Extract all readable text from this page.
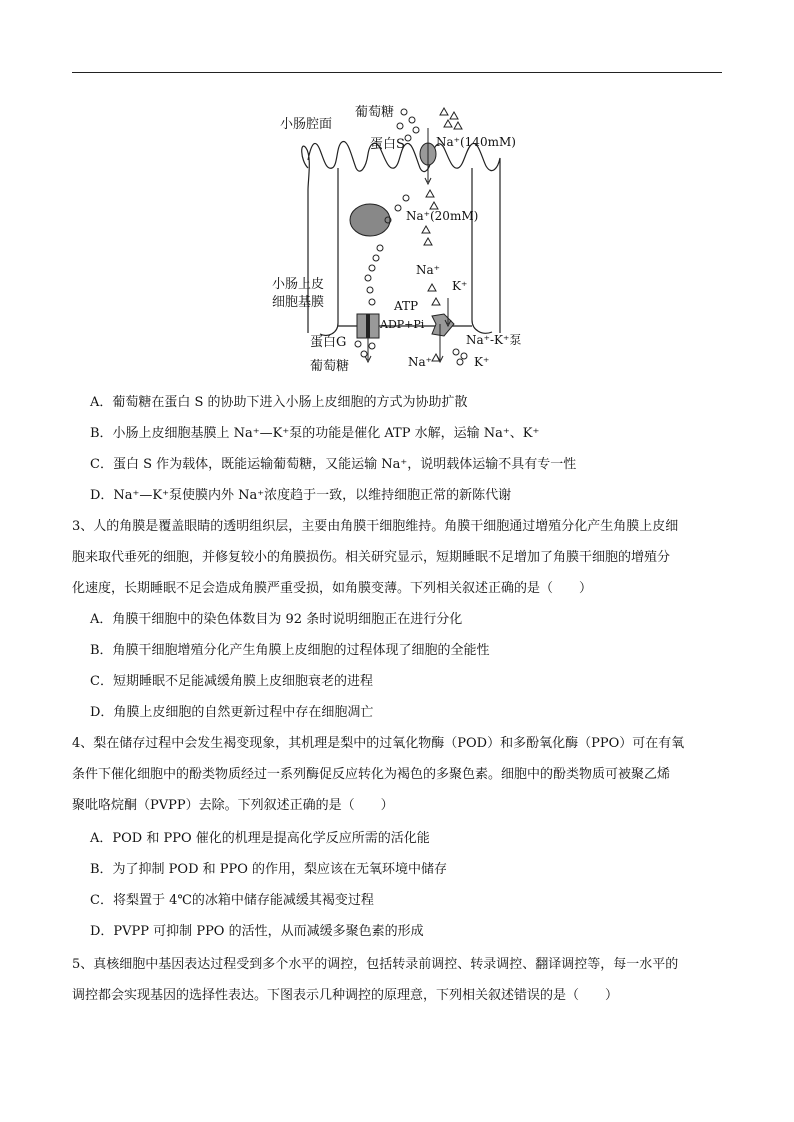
小肠腔面
葡萄糖
蛋白S	Na⁺(140mM)
Na⁺(20mM)
Na⁺
K⁺
小肠上皮
细胞基膜	ATP
ADP+Pi
蛋白G	Na⁺-K⁺泵
葡萄糖	Na⁺	K⁺
A．葡萄糖在蛋白 S 的协助下进入小肠上皮细胞的方式为协助扩散
B．小肠上皮细胞基膜上 Na⁺—K⁺泵的功能是催化 ATP 水解，运输 Na⁺、K⁺
C．蛋白 S 作为载体，既能运输葡萄糖，又能运输 Na⁺，说明载体运输不具有专一性
D．Na⁺—K⁺泵使膜内外 Na⁺浓度趋于一致，以维持细胞正常的新陈代谢
3、人的角膜是覆盖眼睛的透明组织层，主要由角膜干细胞维持。角膜干细胞通过增殖分化产生角膜上皮细
胞来取代垂死的细胞，并修复较小的角膜损伤。相关研究显示，短期睡眠不足增加了角膜干细胞的增殖分
化速度，长期睡眠不足会造成角膜严重受损，如角膜变薄。下列相关叙述正确的是（　　）
A．角膜干细胞中的染色体数目为 92 条时说明细胞正在进行分化
B．角膜干细胞增殖分化产生角膜上皮细胞的过程体现了细胞的全能性
C．短期睡眠不足能减缓角膜上皮细胞衰老的进程
D．角膜上皮细胞的自然更新过程中存在细胞凋亡
4、梨在储存过程中会发生褐变现象，其机理是梨中的过氧化物酶（POD）和多酚氧化酶（PPO）可在有氧
条件下催化细胞中的酚类物质经过一系列酶促反应转化为褐色的多聚色素。细胞中的酚类物质可被聚乙烯
聚吡咯烷酮（PVPP）去除。下列叙述正确的是（　　）
A．POD 和 PPO 催化的机理是提高化学反应所需的活化能
B．为了抑制 POD 和 PPO 的作用，梨应该在无氧环境中储存
C．将梨置于 4℃的冰箱中储存能减缓其褐变过程
D．PVPP 可抑制 PPO 的活性，从而减缓多聚色素的形成
5、真核细胞中基因表达过程受到多个水平的调控，包括转录前调控、转录调控、翻译调控等，每一水平的
调控都会实现基因的选择性表达。下图表示几种调控的原理意，下列相关叙述错误的是（　　）
